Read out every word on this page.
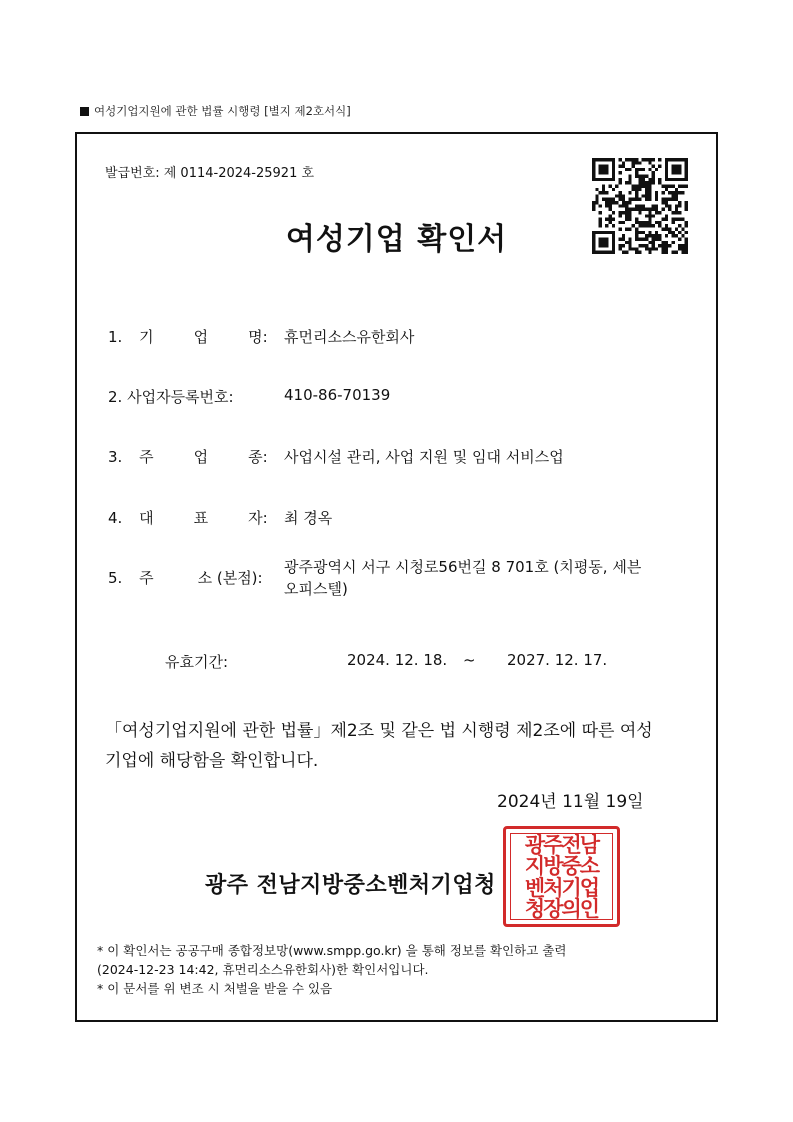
여성기업지원에 관한 법률 시행령 [별지 제2호서식]
발급번호: 제 0114-2024-25921 호
여성기업 확인서
1. 기	업	명: 휴먼리소스유한회사
2. 사업자등록번호:	410-86-70139
3. 주	업	종: 사업시설 관리, 사업 지원 및 임대 서비스업
4. 대	표	자: 최 경옥
5. 주	소 (본점):
광주광역시 서구 시청로56번길 8 701호 (치평동, 세븐오피스텔)
유효기간:	2024. 12. 18. ~ 2027. 12. 17.
「여성기업지원에 관한 법률」제2조 및 같은 법 시행령 제2조에 따른 여성기업에 해당함을 확인합니다.
2024년 11월 19일
광주 전남지방중소벤처기업청
광주전남
지방중소
벤처기업
청장의인
* 이 확인서는 공공구매 종합정보망(www.smpp.go.kr) 을 통해 정보를 확인하고 출력
(2024-12-23 14:42, 휴먼리소스유한회사)한 확인서입니다.
* 이 문서를 위 변조 시 처벌을 받을 수 있음
